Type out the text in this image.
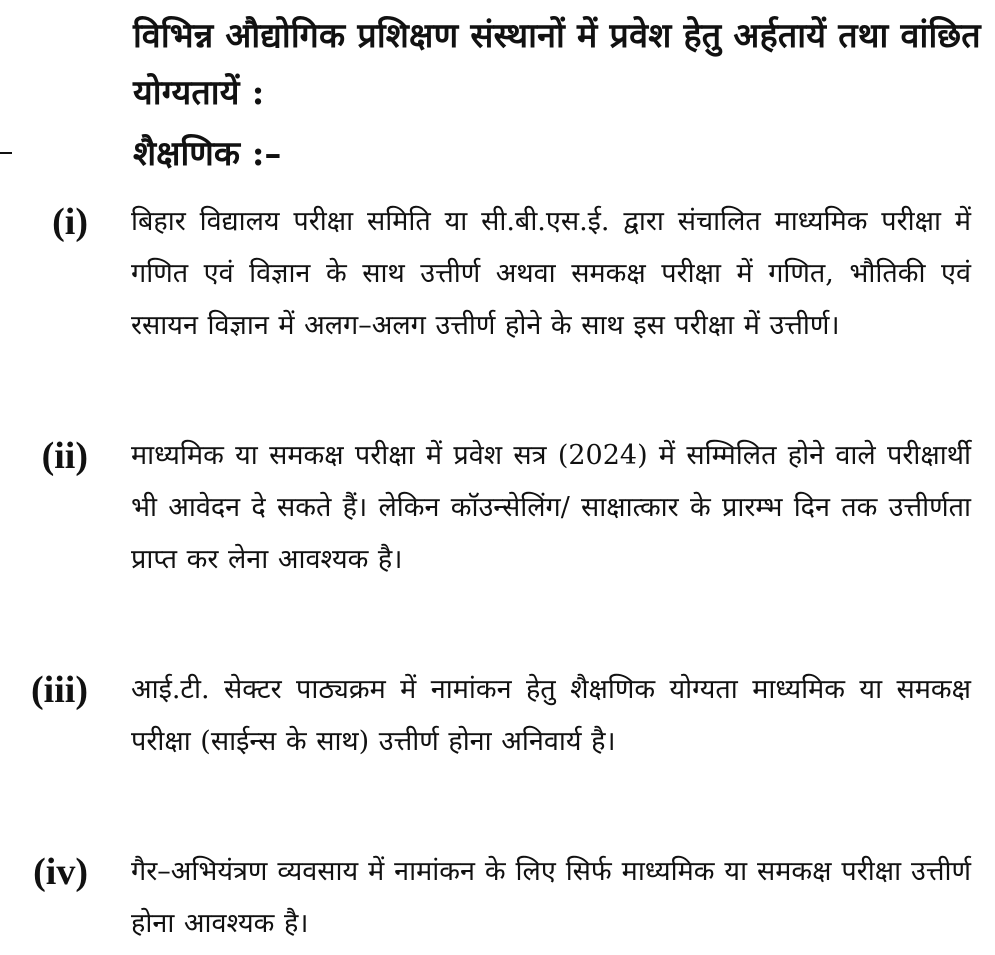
विभिन्न औद्योगिक प्रशिक्षण संस्थानों में प्रवेश हेतु अर्हतायें तथा वांछित योग्यतायें :
शैक्षणिक :–
(i) बिहार विद्यालय परीक्षा समिति या सी.बी.एस.ई. द्वारा संचालित माध्यमिक परीक्षा में गणित एवं विज्ञान के साथ उत्तीर्ण अथवा समकक्ष परीक्षा में गणित, भौतिकी एवं रसायन विज्ञान में अलग–अलग उत्तीर्ण होने के साथ इस परीक्षा में उत्तीर्ण।
(ii) माध्यमिक या समकक्ष परीक्षा में प्रवेश सत्र (2024) में सम्मिलित होने वाले परीक्षार्थी भी आवेदन दे सकते हैं। लेकिन कॉउन्सेलिंग/ साक्षात्कार के प्रारम्भ दिन तक उत्तीर्णता प्राप्त कर लेना आवश्यक है।
(iii) आई.टी. सेक्टर पाठ्यक्रम में नामांकन हेतु शैक्षणिक योग्यता माध्यमिक या समकक्ष परीक्षा (साईन्स के साथ) उत्तीर्ण होना अनिवार्य है।
(iv) गैर–अभियंत्रण व्यवसाय में नामांकन के लिए सिर्फ माध्यमिक या समकक्ष परीक्षा उत्तीर्ण होना आवश्यक है।
